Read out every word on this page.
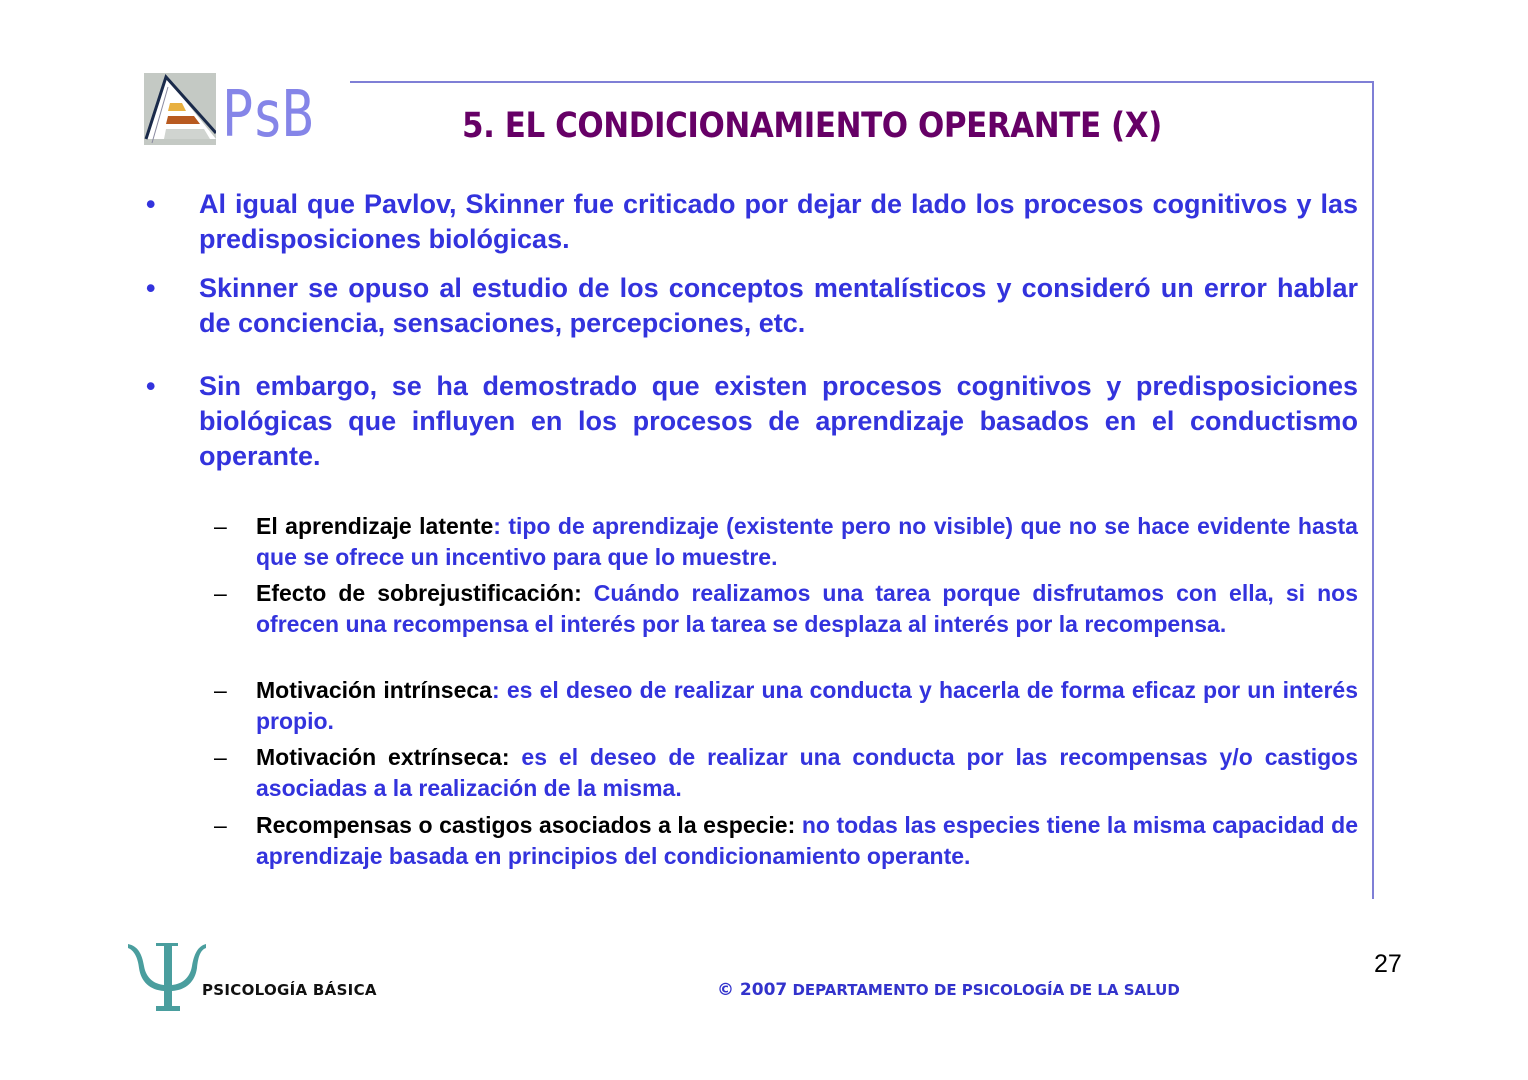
PsB	5. EL CONDICIONAMIENTO OPERANTE (X)
•	Al igual que Pavlov, Skinner fue criticado por dejar de lado los procesos cognitivos y las predisposiciones biológicas.
•	Skinner se opuso al estudio de los conceptos mentalísticos y consideró un error hablar de conciencia, sensaciones, percepciones, etc.
•	Sin embargo, se ha demostrado que existen procesos cognitivos y predisposiciones biológicas que influyen en los procesos de aprendizaje basados en el conductismo operante.
– El aprendizaje latente: tipo de aprendizaje (existente pero no visible) que no se hace evidente hasta que se ofrece un incentivo para que lo muestre.
– Efecto de sobrejustificación: Cuándo realizamos una tarea porque disfrutamos con ella, si nos ofrecen una recompensa el interés por la tarea se desplaza al interés por la recompensa.
– Motivación intrínseca: es el deseo de realizar una conducta y hacerla de forma eficaz por un interés propio.
– Motivación extrínseca: es el deseo de realizar una conducta por las recompensas y/o castigos asociadas a la realización de la misma.
– Recompensas o castigos asociados a la especie: no todas las especies tiene la misma capacidad de aprendizaje basada en principios del condicionamiento operante.
PSICOLOGÍA BÁSICA	© 2007 DEPARTAMENTO DE PSICOLOGÍA DE LA SALUD
27
